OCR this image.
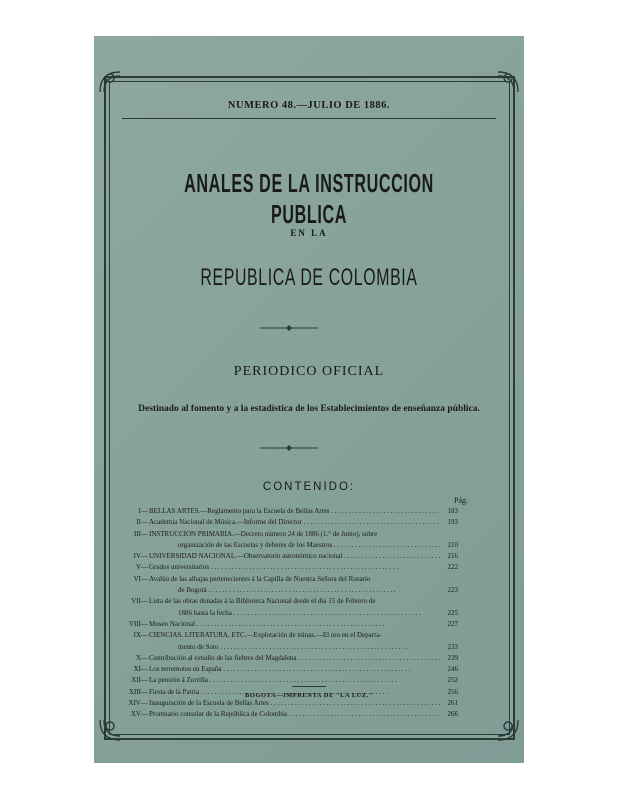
NUMERO 48.—JULIO DE 1886.
ANALES DE LA INSTRUCCION PUBLICA
EN LA
REPUBLICA DE COLOMBIA
PERIODICO OFICIAL
Destinado al fomento y a la estadística de los Establecimientos de enseñanza pública.
CONTENIDO:
Pág.
I— BELLAS ARTES.—Reglamento para la Escuela de Bellas Artes . . .	183
II— Academia Nacional de Música.—Informe del Director . . .	193
III— INSTRUCCION PRIMARIA.—Decreto número 24 de 1886 (1.° de Junio), sobre
organización de las Escuelas y deberes de los Maestros . . .	210
IV— UNIVERSIDAD NACIONAL.—Observatorio astronómico nacional . . .	216
V— Grados universitarios . . .	222
VI— Avalúo de las alhajas pertenecientes á la Capilla de Nuestra Señora del Rosario
de Bogotá . . .	223
VII— Lista de las obras donadas á la Biblioteca Nacional desde el día 15 de Febrero de
1886 hasta la fecha . . .	225
VIII— Museo Nacional . . .	227
IX— CIENCIAS, LITERATURA, ETC.—Explotación de minas.—El oro en el Departa-
mento de Soto . . .	233
X— Contribución al estudio de las fiebres del Magdalena . . .	239
XI— Los terremotos en España . . .	246
XII— La pensión á Zorrilla . . .	252
XIII— Fiesta de la Patria . . .	256
XIV— Inauguración de la Escuela de Bellas Artes . . .	261
XV— Prontuario consular de la República de Colombia . . .	266
BOGOTA—IMPRENTA DE "LA LUZ."
